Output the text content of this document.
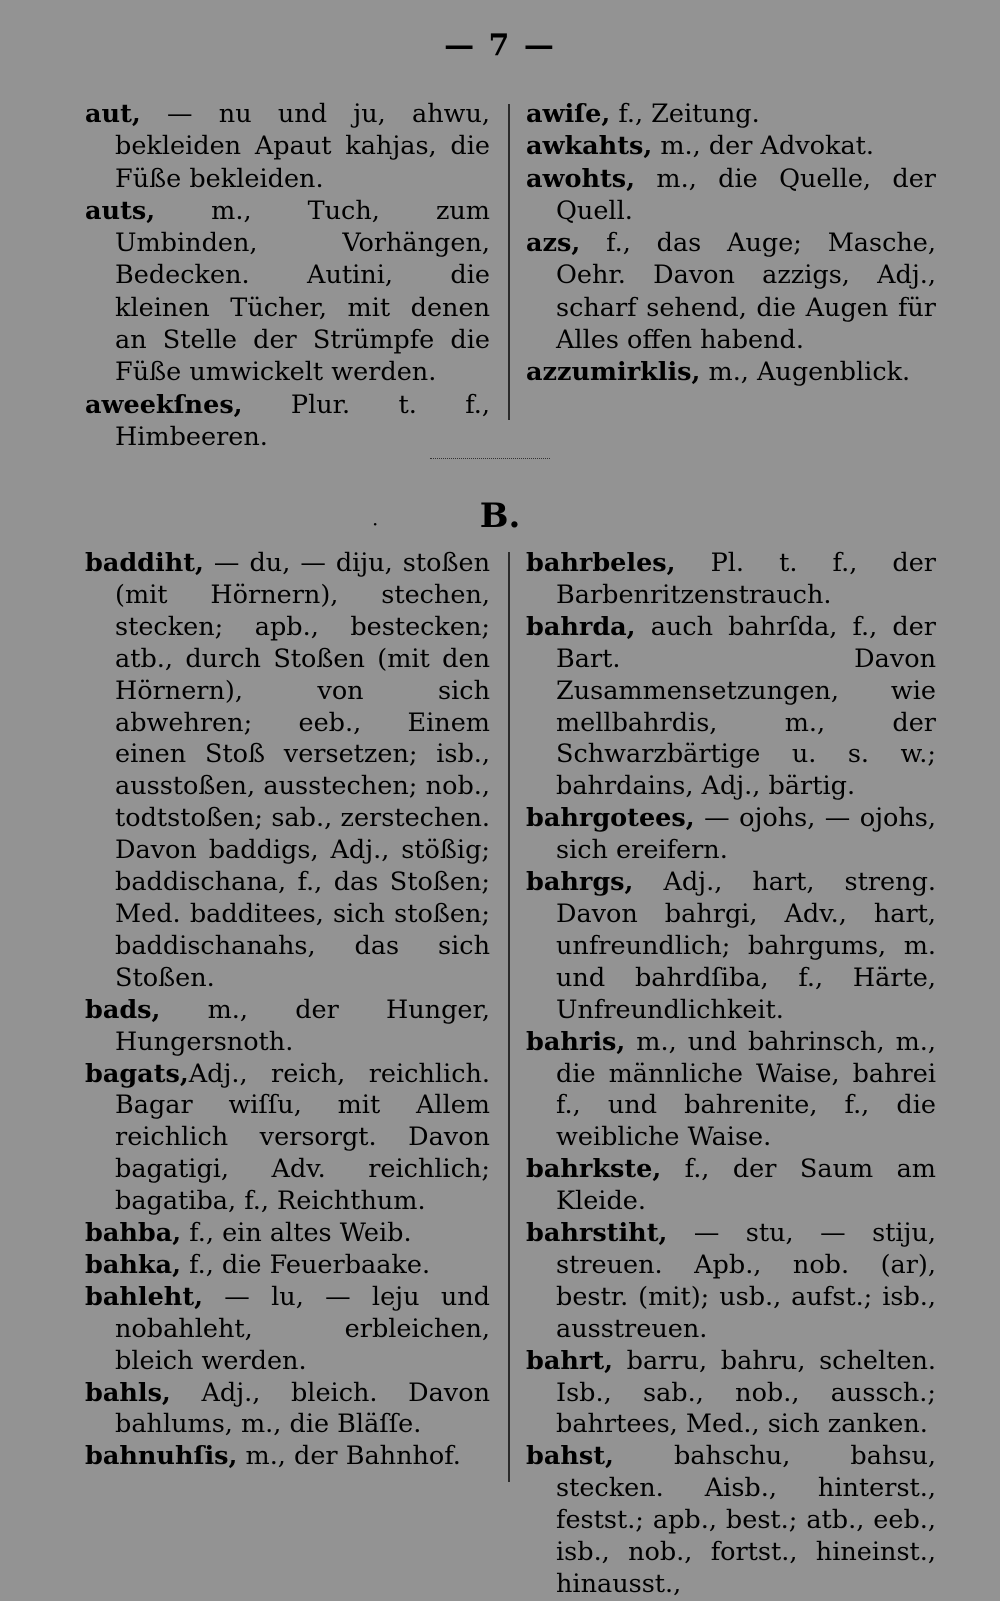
— 7 —

aut, — nu und ju, ahwu, bekleiden Apaut kahjas, die Füße bekleiden.

auts, m., Tuch, zum Umbinden, Vorhängen, Bedecken. Autini, die kleinen Tücher, mit denen an Stelle der Strümpfe die Füße umwickelt werden.

aweekſnes, Plur. t. f., Himbeeren.

awiſe, f., Zeitung.

awkahts, m., der Advokat.

awohts, m., die Quelle, der Quell.

azs, f., das Auge; Masche, Oehr. Davon azzigs, Adj., scharf sehend, die Augen für Alles offen habend.

azzumirklis, m., Augenblick.

·	B.

baddiht, — du, — diju, stoßen (mit Hörnern), stechen, stecken; apb., bestecken; atb., durch Stoßen (mit den Hörnern), von sich abwehren; eeb., Einem einen Stoß versetzen; isb., ausstoßen, ausstechen; nob., todtstoßen; sab., zerstechen. Davon baddigs, Adj., stößig; baddischana, f., das Stoßen; Med. badditees, sich stoßen; baddischanahs, das sich Stoßen.

bads, m., der Hunger, Hungersnoth.

bagats,Adj., reich, reichlich. Bagar wiſſu, mit Allem reichlich versorgt. Davon bagatigi, Adv. reichlich; bagatiba, f., Reichthum.

bahba, f., ein altes Weib.

bahka, f., die Feuerbaake.

bahleht, — lu, — leju und nobahleht, erbleichen, bleich werden.

bahls, Adj., bleich. Davon bahlums, m., die Bläſſe.

bahnuhſis, m., der Bahnhof.

bahrbeles, Pl. t. f., der Barbenritzenstrauch.

bahrda, auch bahrſda, f., der Bart. Davon Zusammensetzungen, wie mellbahrdis, m., der Schwarzbärtige u. s. w.; bahrdains, Adj., bärtig.

bahrgotees, — ojohs, — ojohs, sich ereifern.

bahrgs, Adj., hart, streng. Davon bahrgi, Adv., hart, unfreundlich; bahrgums, m. und bahrdſiba, f., Härte, Unfreundlichkeit.

bahris, m., und bahrinsch, m., die männliche Waise, bahrei f., und bahrenite, f., die weibliche Waise.

bahrkste, f., der Saum am Kleide.

bahrstiht, — stu, — stiju, streuen. Apb., nob. (ar), bestr. (mit); usb., aufst.; isb., ausstreuen.

bahrt, barru, bahru, schelten. Isb., sab., nob., aussch.; bahrtees, Med., sich zanken.

bahst, bahschu, bahsu, stecken. Aisb., hinterst., festst.; apb., best.; atb., eeb., isb., nob., fortst., hineinst., hinausst.,
